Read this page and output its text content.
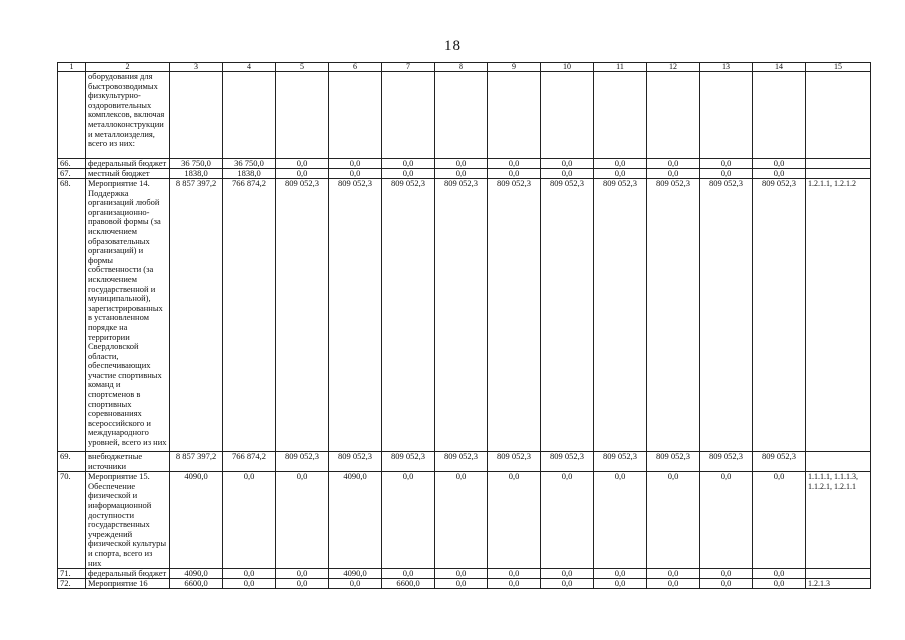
18
1	2	3	4	5	6	7	8	9	10	11	12	13	14	15
	оборудования для быстровозводимых физкультурно-оздоровительных комплексов, включая металлоконструкции и металлоизделия, всего из них:													
66.	федеральный бюджет	36 750,0	36 750,0	0,0	0,0	0,0	0,0	0,0	0,0	0,0	0,0	0,0	0,0	
67.	местный бюджет	1838,0	1838,0	0,0	0,0	0,0	0,0	0,0	0,0	0,0	0,0	0,0	0,0	
68.	Мероприятие 14. Поддержка организаций любой организационно-правовой формы (за исключением образовательных организаций) и формы собственности (за исключением государственной и муниципальной), зарегистрированных в установленном порядке на территории Свердловской области, обеспечивающих участие спортивных команд и спортсменов в спортивных соревнованиях всероссийского и международного уровней, всего из них	8 857 397,2	766 874,2	809 052,3	809 052,3	809 052,3	809 052,3	809 052,3	809 052,3	809 052,3	809 052,3	809 052,3	809 052,3	1.2.1.1, 1.2.1.2
69.	внебюджетные источники	8 857 397,2	766 874,2	809 052,3	809 052,3	809 052,3	809 052,3	809 052,3	809 052,3	809 052,3	809 052,3	809 052,3	809 052,3	
70.	Мероприятие 15. Обеспечение физической и информационной доступности государственных учреждений физической культуры и спорта, всего из них	4090,0	0,0	0,0	4090,0	0,0	0,0	0,0	0,0	0,0	0,0	0,0	0,0	1.1.1.1, 1.1.1.3, 1.1.2.1, 1.2.1.1
71.	федеральный бюджет	4090,0	0,0	0,0	4090,0	0,0	0,0	0,0	0,0	0,0	0,0	0,0	0,0	
72.	Мероприятие 16	6600,0	0,0	0,0	0,0	6600,0	0,0	0,0	0,0	0,0	0,0	0,0	0,0	1.2.1.3
